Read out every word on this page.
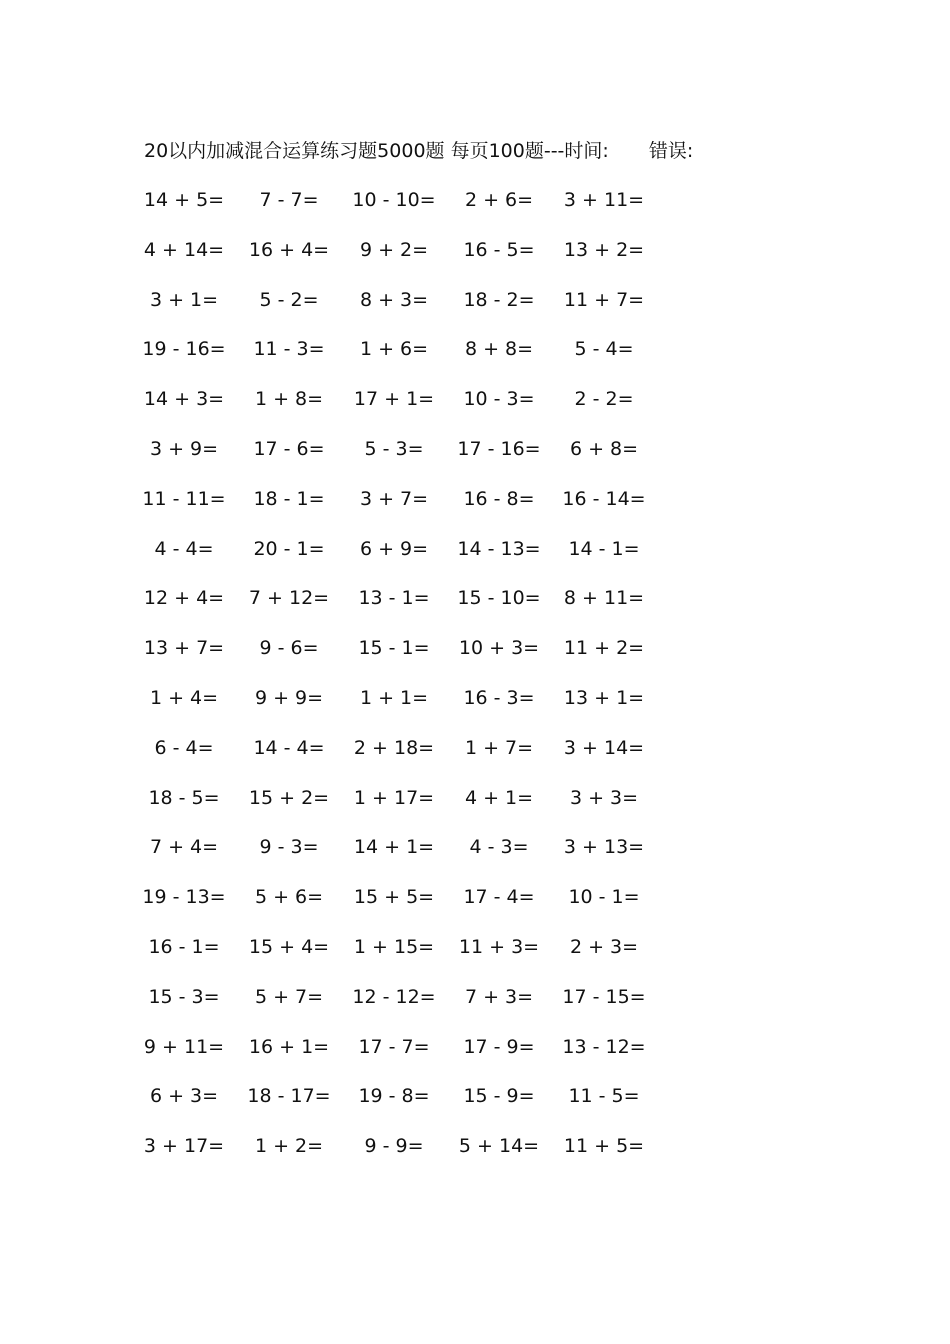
20以内加减混合运算练习题5000题 每页100题---时间: 错误:
14 + 5=	7 - 7=	10 - 10=	2 + 6=	3 + 11=
4 + 14=	16 + 4=	9 + 2=	16 - 5=	13 + 2=
3 + 1=	5 - 2=	8 + 3=	18 - 2=	11 + 7=
19 - 16=	11 - 3=	1 + 6=	8 + 8=	5 - 4=
14 + 3=	1 + 8=	17 + 1=	10 - 3=	2 - 2=
3 + 9=	17 - 6=	5 - 3=	17 - 16=	6 + 8=
11 - 11=	18 - 1=	3 + 7=	16 - 8=	16 - 14=
4 - 4=	20 - 1=	6 + 9=	14 - 13=	14 - 1=
12 + 4=	7 + 12=	13 - 1=	15 - 10=	8 + 11=
13 + 7=	9 - 6=	15 - 1=	10 + 3=	11 + 2=
1 + 4=	9 + 9=	1 + 1=	16 - 3=	13 + 1=
6 - 4=	14 - 4=	2 + 18=	1 + 7=	3 + 14=
18 - 5=	15 + 2=	1 + 17=	4 + 1=	3 + 3=
7 + 4=	9 - 3=	14 + 1=	4 - 3=	3 + 13=
19 - 13=	5 + 6=	15 + 5=	17 - 4=	10 - 1=
16 - 1=	15 + 4=	1 + 15=	11 + 3=	2 + 3=
15 - 3=	5 + 7=	12 - 12=	7 + 3=	17 - 15=
9 + 11=	16 + 1=	17 - 7=	17 - 9=	13 - 12=
6 + 3=	18 - 17=	19 - 8=	15 - 9=	11 - 5=
3 + 17=	1 + 2=	9 - 9=	5 + 14=	11 + 5=
